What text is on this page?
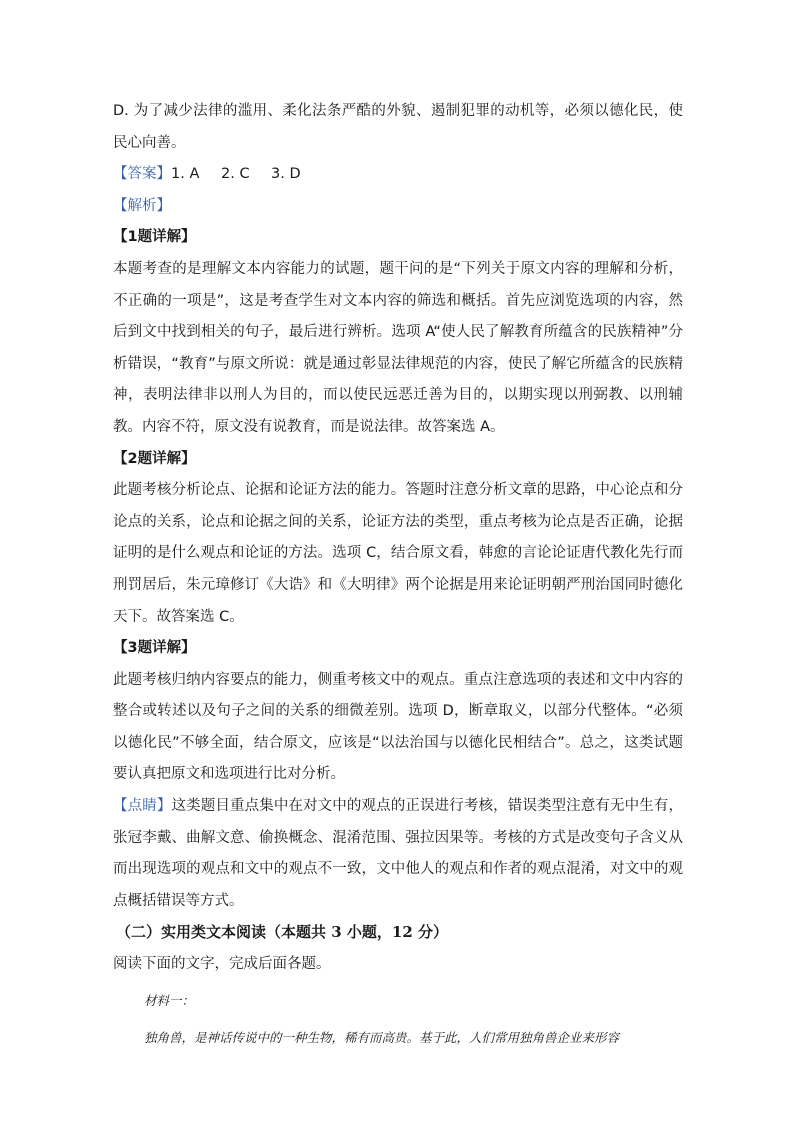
D. 为了减少法律的滥用、柔化法条严酷的外貌、遏制犯罪的动机等，必须以德化民，使民心向善。

【答案】1. A 2. C 3. D

【解析】

【1题详解】

本题考查的是理解文本内容能力的试题，题干问的是“下列关于原文内容的理解和分析，不正确的一项是”，这是考查学生对文本内容的筛选和概括。首先应浏览选项的内容，然后到文中找到相关的句子，最后进行辨析。选项 A“使人民了解教育所蕴含的民族精神”分析错误，“教育”与原文所说：就是通过彰显法律规范的内容，使民了解它所蕴含的民族精神，表明法律非以刑人为目的，而以使民远恶迁善为目的，以期实现以刑弼教、以刑辅教。内容不符，原文没有说教育，而是说法律。故答案选 A。

【2题详解】

此题考核分析论点、论据和论证方法的能力。答题时注意分析文章的思路，中心论点和分论点的关系，论点和论据之间的关系，论证方法的类型，重点考核为论点是否正确，论据证明的是什么观点和论证的方法。选项 C，结合原文看，韩愈的言论论证唐代教化先行而刑罚居后，朱元璋修订《大诰》和《大明律》两个论据是用来论证明朝严刑治国同时德化天下。故答案选 C。

【3题详解】

此题考核归纳内容要点的能力，侧重考核文中的观点。重点注意选项的表述和文中内容的整合或转述以及句子之间的关系的细微差别。选项 D，断章取义，以部分代整体。“必须以德化民”不够全面，结合原文，应该是“以法治国与以德化民相结合”。总之，这类试题要认真把原文和选项进行比对分析。

【点睛】这类题目重点集中在对文中的观点的正误进行考核，错误类型注意有无中生有，张冠李戴、曲解文意、偷换概念、混淆范围、强拉因果等。考核的方式是改变句子含义从而出现选项的观点和文中的观点不一致，文中他人的观点和作者的观点混淆，对文中的观点概括错误等方式。

（二）实用类文本阅读（本题共 3 小题，12 分）

阅读下面的文字，完成后面各题。

材料一：

独角兽，是神话传说中的一种生物，稀有而高贵。基于此，人们常用独角兽企业来形容
